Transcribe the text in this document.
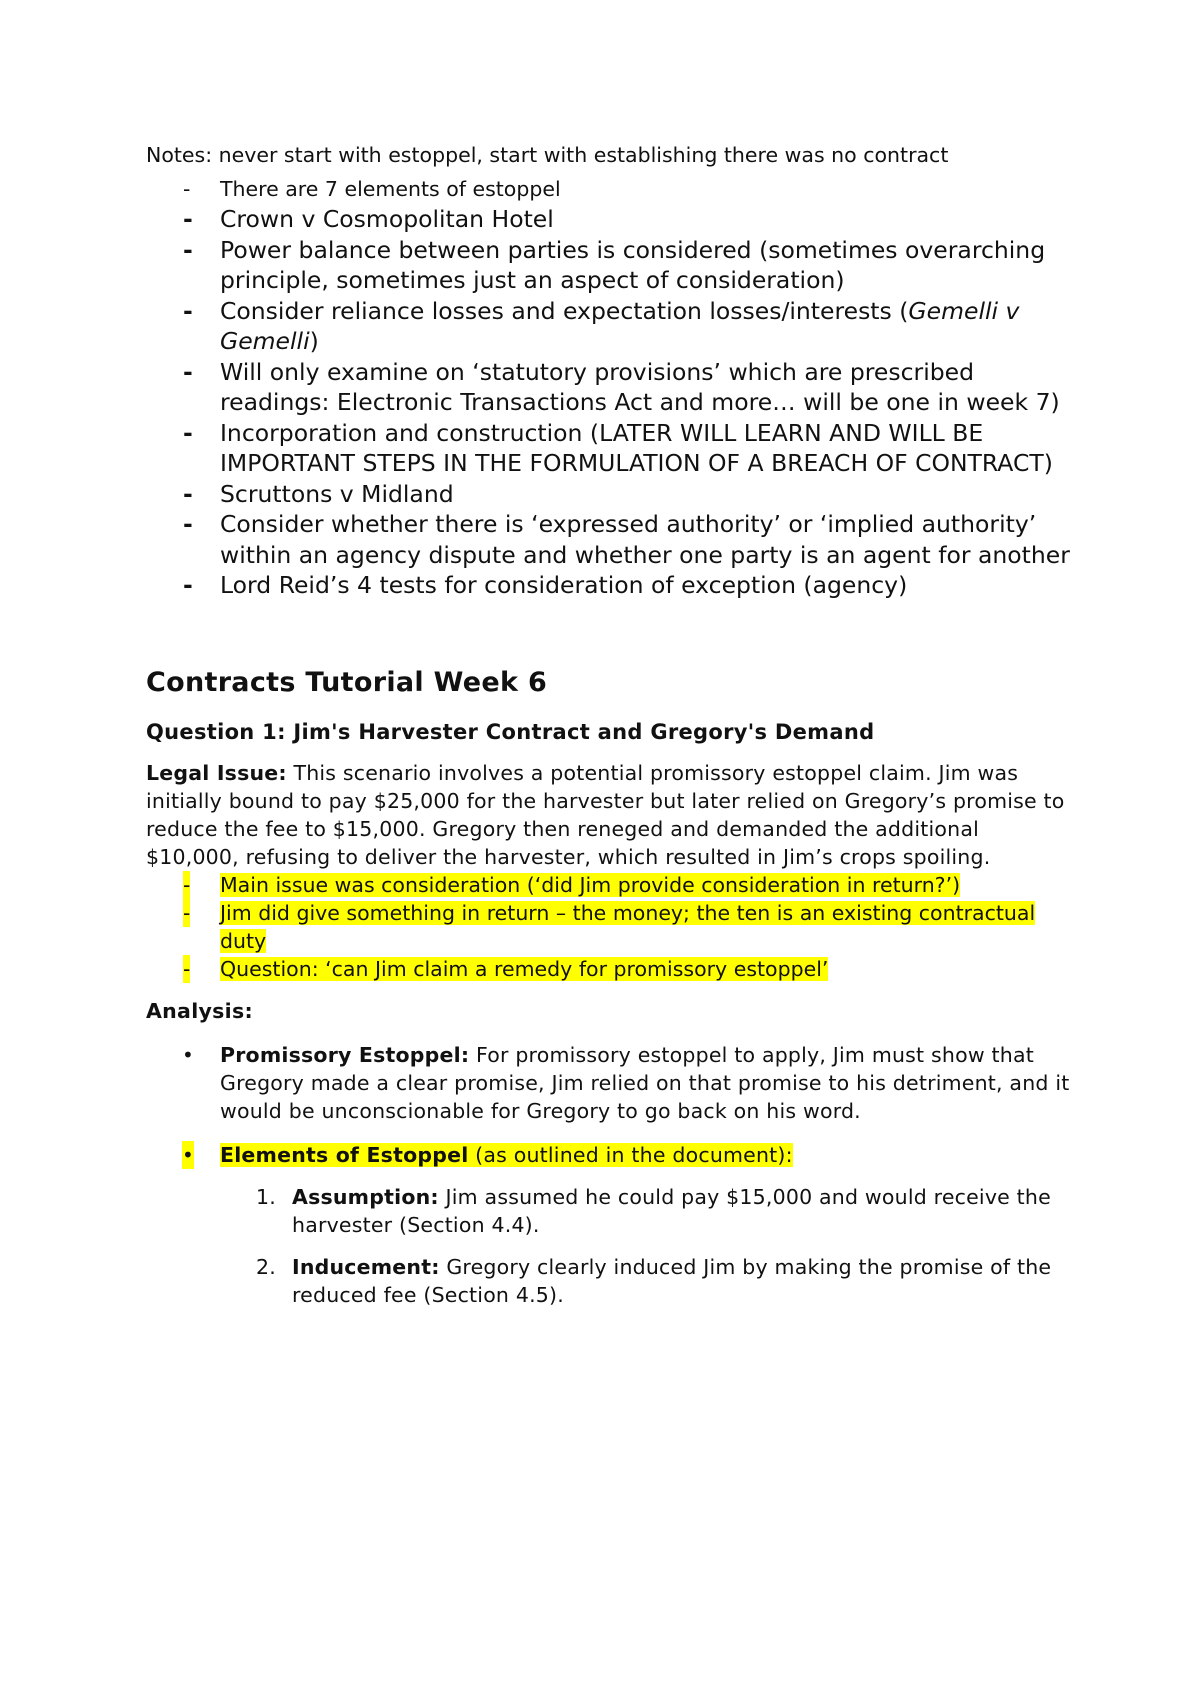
Notes: never start with estoppel, start with establishing there was no contract

- There are 7 elements of estoppel
- Crown v Cosmopolitan Hotel
- Power balance between parties is considered (sometimes overarching principle, sometimes just an aspect of consideration)
- Consider reliance losses and expectation losses/interests (Gemelli v Gemelli)
- Will only examine on ‘statutory provisions’ which are prescribed readings: Electronic Transactions Act and more… will be one in week 7)
- Incorporation and construction (LATER WILL LEARN AND WILL BE IMPORTANT STEPS IN THE FORMULATION OF A BREACH OF CONTRACT)
- Scruttons v Midland
- Consider whether there is ‘expressed authority’ or ‘implied authority’ within an agency dispute and whether one party is an agent for another
- Lord Reid’s 4 tests for consideration of exception (agency)
Contracts Tutorial Week 6
Question 1: Jim's Harvester Contract and Gregory's Demand

Legal Issue: This scenario involves a potential promissory estoppel claim. Jim was initially bound to pay $25,000 for the harvester but later relied on Gregory’s promise to reduce the fee to $15,000. Gregory then reneged and demanded the additional $10,000, refusing to deliver the harvester, which resulted in Jim’s crops spoiling.

- Main issue was consideration (‘did Jim provide consideration in return?’)
- Jim did give something in return – the money; the ten is an existing contractual duty
- Question: ‘can Jim claim a remedy for promissory estoppel’
Analysis:
• Promissory Estoppel: For promissory estoppel to apply, Jim must show that Gregory made a clear promise, Jim relied on that promise to his detriment, and it would be unconscionable for Gregory to go back on his word.
• Elements of Estoppel (as outlined in the document):
1. Assumption: Jim assumed he could pay $15,000 and would receive the harvester (Section 4.4).
2. Inducement: Gregory clearly induced Jim by making the promise of the reduced fee (Section 4.5).
